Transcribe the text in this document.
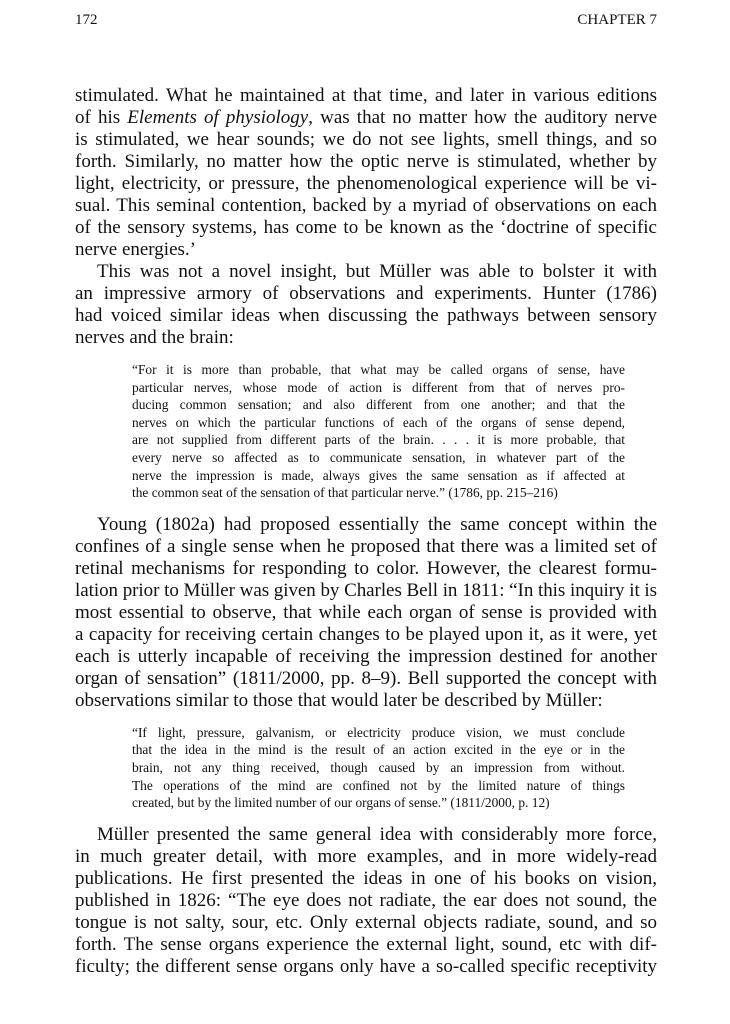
172	CHAPTER 7
stimulated. What he maintained at that time, and later in various editions
of his Elements of physiology, was that no matter how the auditory nerve
is stimulated, we hear sounds; we do not see lights, smell things, and so
forth. Similarly, no matter how the optic nerve is stimulated, whether by
light, electricity, or pressure, the phenomenological experience will be vi-
sual. This seminal contention, backed by a myriad of observations on each
of the sensory systems, has come to be known as the ‘doctrine of specific
nerve energies.’
This was not a novel insight, but Müller was able to bolster it with
an impressive armory of observations and experiments. Hunter (1786)
had voiced similar ideas when discussing the pathways between sensory
nerves and the brain:
“For it is more than probable, that what may be called organs of sense, have
particular nerves, whose mode of action is different from that of nerves pro-
ducing common sensation; and also different from one another; and that the
nerves on which the particular functions of each of the organs of sense depend,
are not supplied from different parts of the brain. . . . it is more probable, that
every nerve so affected as to communicate sensation, in whatever part of the
nerve the impression is made, always gives the same sensation as if affected at
the common seat of the sensation of that particular nerve.” (1786, pp. 215–216)
Young (1802a) had proposed essentially the same concept within the
confines of a single sense when he proposed that there was a limited set of
retinal mechanisms for responding to color. However, the clearest formu-
lation prior to Müller was given by Charles Bell in 1811: “In this inquiry it is
most essential to observe, that while each organ of sense is provided with
a capacity for receiving certain changes to be played upon it, as it were, yet
each is utterly incapable of receiving the impression destined for another
organ of sensation” (1811/2000, pp. 8–9). Bell supported the concept with
observations similar to those that would later be described by Müller:
“If light, pressure, galvanism, or electricity produce vision, we must conclude
that the idea in the mind is the result of an action excited in the eye or in the
brain, not any thing received, though caused by an impression from without.
The operations of the mind are confined not by the limited nature of things
created, but by the limited number of our organs of sense.” (1811/2000, p. 12)
Müller presented the same general idea with considerably more force,
in much greater detail, with more examples, and in more widely-read
publications. He first presented the ideas in one of his books on vision,
published in 1826: “The eye does not radiate, the ear does not sound, the
tongue is not salty, sour, etc. Only external objects radiate, sound, and so
forth. The sense organs experience the external light, sound, etc with dif-
ficulty; the different sense organs only have a so-called specific receptivity
